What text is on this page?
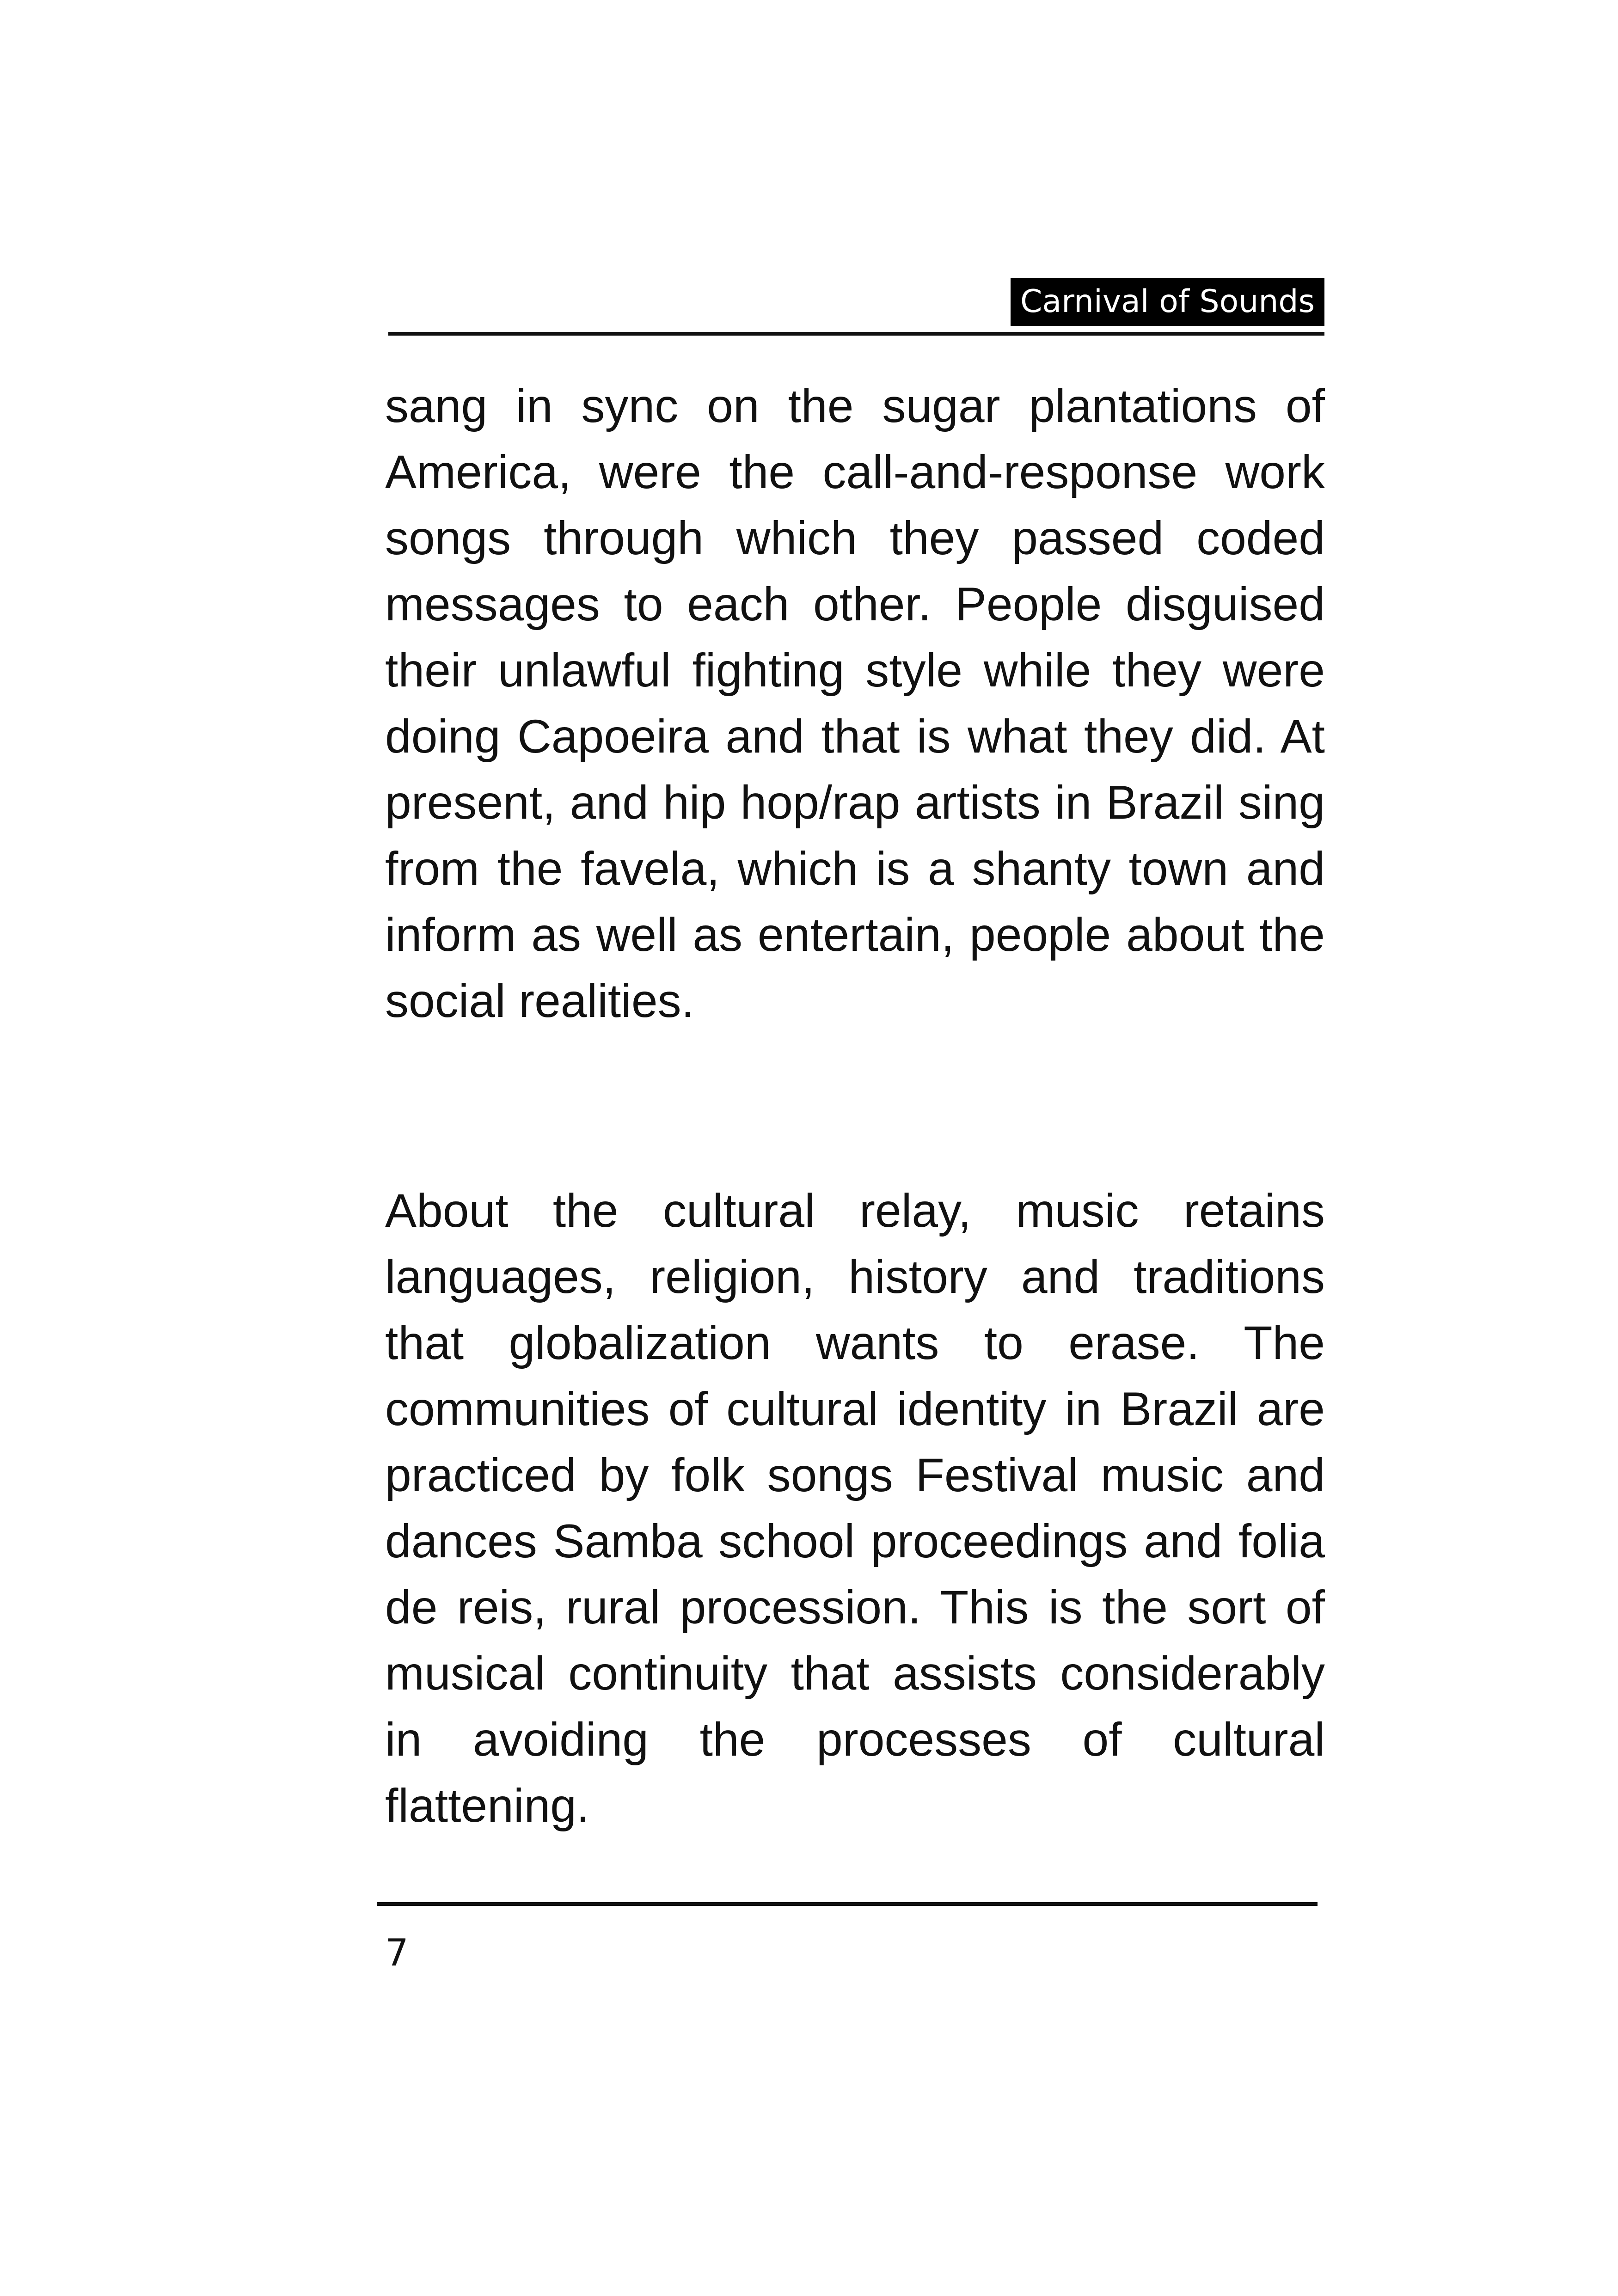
Carnival of Sounds

sang in sync on the sugar plantations of America, were the call-and-response work songs through which they passed coded messages to each other. People disguised their unlawful fighting style while they were doing Capoeira and that is what they did. At present, and hip hop/rap artists in Brazil sing from the favela, which is a shanty town and inform as well as entertain, people about the social realities.

About the cultural relay, music retains languages, religion, history and traditions that globalization wants to erase. The communities of cultural identity in Brazil are practiced by folk songs Festival music and dances Samba school proceedings and folia de reis, rural procession. This is the sort of musical continuity that assists considerably in avoiding the processes of cultural flattening.

7
